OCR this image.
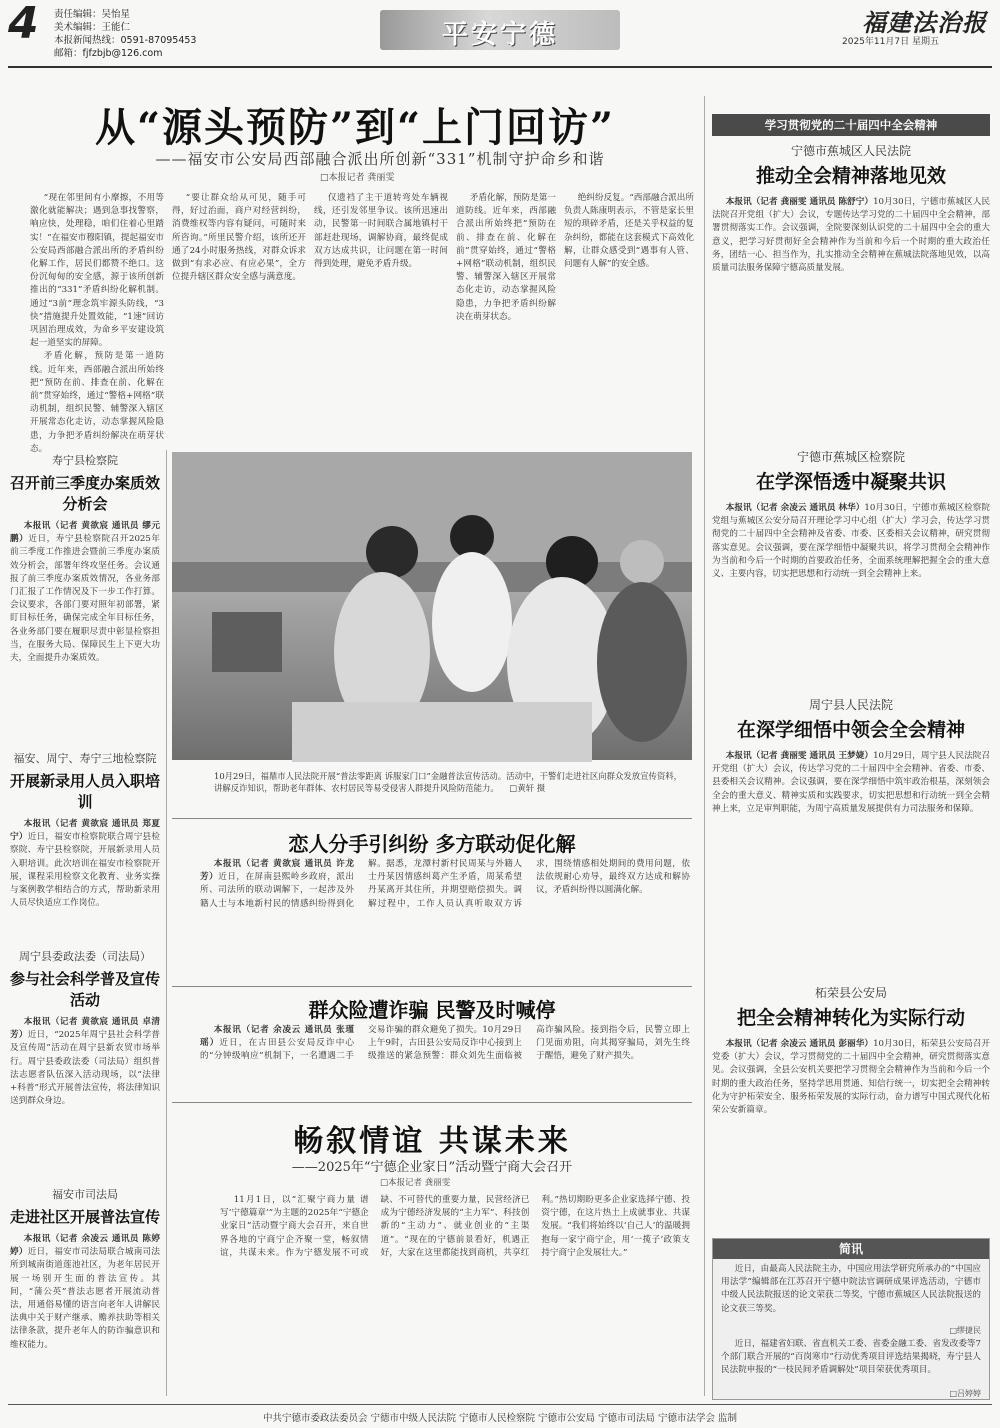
4 责任编辑：吴怡星
美术编辑：王能仁
本报新闻热线：0591-87095453
邮箱：fjfzbjb@126.com
平安宁德	福建法治报
2025年11月7日 星期五
从“源头预防”到“上门回访”
——福安市公安局西部融合派出所创新“331”机制守护命乡和谐
□本报记者 龚丽雯

“现在邻里间有小摩擦，不用等激化就能解决；遇到急事找警察，响应快，处理稳，咱们住着心里踏实！”在福安市穆阳镇，提起福安市公安局西部融合派出所的矛盾纠纷化解工作，居民们都赞不绝口。这份沉甸甸的安全感，源于该所创新推出的“331”矛盾纠纷化解机制。通过“3前”理念筑牢源头防线，“3快”措施提升处置效能，“1速”回访巩固治理成效，为命乡平安建设筑起一道坚实的屏障。

矛盾化解，预防是第一道防线。近年来，西部融合派出所始终把“预防在前、排查在前、化解在前”贯穿始终，通过“警格+网格”联动机制，组织民警、辅警深入辖区开展常态化走访，动态掌握风险隐患，力争把矛盾纠纷解决在萌芽状态。

“要让群众给从可见，随手可得，好过治面，商户对经营纠纷，消费维权等内容有疑问，可随时来所咨询。”所里民警介绍，该所还开通了24小时服务热线，对群众诉求做到“有求必应、有应必果”，全方位提升辖区群众安全感与满意度。

仅遗裆了主干道转弯处车辆视线，还引发邻里争议。该所迅速出动，民警第一时间联合属地镇村干部赶赴现场，调解协商，最终促成双方达成共识，让问题在第一时间得到处理，避免矛盾升级。

矛盾化解，预防是第一道防线。近年来，西部融合派出所始终把“预防在前、排查在前、化解在前”贯穿始终，通过“警格+网格”联动机制，组织民警、辅警深入辖区开展常态化走访，动态掌握风险隐患，力争把矛盾纠纷解决在萌芽状态。

绝纠纷反复。“西部融合派出所负责人陈康明表示，不管是家长里短的琐碎矛盾，还是关乎权益的复杂纠纷，都能在这套模式下高效化解，让群众感受到“遇事有人管、问题有人解”的安全感。

寿宁县检察院
召开前三季度办案质效分析会

本报讯（记者 黄欲宸 通讯员 缪元鹏）近日，寿宁县检察院召开2025年前三季度工作推进会暨前三季度办案质效分析会，部署年终攻坚任务。会议通报了前三季度办案质效情况，各业务部门汇报了工作情况及下一步工作打算。会议要求，各部门要对照年初部署，紧盯目标任务，确保完成全年目标任务，各业务部门要在履职尽责中彰显检察担当，在服务大局、保障民生上下更大功夫，全面提升办案质效。

福安、周宁、寿宁三地检察院
开展新录用人员入职培训

本报讯（记者 黄欲宸 通讯员 郑夏宁）近日，福安市检察院联合周宁县检察院、寿宁县检察院，开展新录用人员入职培训。此次培训在福安市检察院开展，课程采用检察文化教育、业务实操与案例教学相结合的方式，帮助新录用人员尽快适应工作岗位。

周宁县委政法委（司法局）
参与社会科学普及宣传活动

本报讯（记者 黄欲宸 通讯员 卓清芳）近日，“2025年周宁县社会科学普及宣传周”活动在周宁县新农贸市场举行。周宁县委政法委（司法局）组织普法志愿者队伍深入活动现场，以“法律+科普”形式开展普法宣传，将法律知识送到群众身边。

福安市司法局
走进社区开展普法宣传

本报讯（记者 余凌云 通讯员 陈婷婷）近日，福安市司法局联合城南司法所到城南街道莲池社区，为老年居民开展一场别开生面的普法宣传。其间，“蒲公英”普法志愿者开展流动普法，用通俗易懂的语言向老年人讲解民法典中关于财产继承、赡养扶助等相关法律条款，提升老年人的防诈骗意识和维权能力。

10月29日，福鼎市人民法院开展“普法零距离 诉服家门口”金融普法宣传活动。活动中，干警们走进社区向群众发放宣传资料，讲解反诈知识，帮助老年群体、农村居民等易受侵害人群提升风险防范能力。 □黄轩 摄
恋人分手引纠纷 多方联动促化解

本报讯（记者 黄欲宸 通讯员 许龙芳）近日，在屏南县熙岭乡政府，派出所、司法所的联动调解下，一起涉及外籍人士与本地新村民的情感纠纷得到化解。据悉，龙潭村新村民周某与外籍人士丹某因情感纠葛产生矛盾，周某希望丹某离开其住所，并期望赔偿损失。调解过程中，工作人员认真听取双方诉求，围绕情感相处期间的费用问题，依法依规耐心劝导，最终双方达成和解协议，矛盾纠纷得以圆满化解。

群众险遭诈骗 民警及时喊停

本报讯（记者 余凌云 通讯员 张瑾瑶）近日，在古田县公安局反诈中心的“分钟级响应”机制下，一名遭遇二手交易诈骗的群众避免了损失。10月29日上午9时，古田县公安局反诈中心接到上级推送的紧急预警：群众刘先生面临被高诈骗风险。接到指令后，民警立即上门见面劝阻，向其揭穿骗局，刘先生终于醒悟，避免了财产损失。

畅叙情谊 共谋未来
——2025年“宁德企业家日”活动暨宁商大会召开
□本报记者 龚丽雯

11月1日，以“汇聚宁商力量 谱写‘宁德篇章’”为主题的2025年“宁德企业家日”活动暨宁商大会召开，来自世界各地的宁商宁企齐聚一堂，畅叙情谊，共谋未来。作为宁德发展不可或缺、不可替代的重要力量，民营经济已成为宁德经济发展的“主力军”、科技创新的“主动力”、就业创业的“主渠道”。“现在的宁德前景看好，机遇正好，大家在这里都能找到商机，共享红利。”热切期盼更多企业家选择宁德、投资宁德，在这片热土上成就事业、共谋发展。“我们将始终以‘自己人’的温暖拥抱每一家宁商宁企，用‘一揽子’政策支持宁商宁企发展壮大。”

学习贯彻党的二十届四中全会精神
宁德市蕉城区人民法院
推动全会精神落地见效

本报讯（记者 龚丽雯 通讯员 陈舒宁）10月30日，宁德市蕉城区人民法院召开党组（扩大）会议，专题传达学习党的二十届四中全会精神，部署贯彻落实工作。会议强调，全院要深刻认识党的二十届四中全会的重大意义，把学习好贯彻好全会精神作为当前和今后一个时期的重大政治任务，团结一心、担当作为，扎实推动全会精神在蕉城法院落地见效，以高质量司法服务保障宁德高质量发展。

宁德市蕉城区检察院
在学深悟透中凝聚共识

本报讯（记者 余凌云 通讯员 林华）10月30日，宁德市蕉城区检察院党组与蕉城区公安分局召开理论学习中心组（扩大）学习会，传达学习贯彻党的二十届四中全会精神及省委、市委、区委相关会议精神，研究贯彻落实意见。会议强调，要在深学细悟中凝聚共识，将学习贯彻全会精神作为当前和今后一个时期的首要政治任务，全面系统理解把握全会的重大意义、主要内容，切实把思想和行动统一到全会精神上来。

周宁县人民法院
在深学细悟中领会全会精神

本报讯（记者 龚丽雯 通讯员 王梦婕）10月29日，周宁县人民法院召开党组（扩大）会议，传达学习党的二十届四中全会精神、省委、市委、县委相关会议精神。会议强调，要在深学细悟中筑牢政治根基，深刻领会全会的重大意义、精神实质和实践要求，切实把思想和行动统一到全会精神上来，立足审判职能，为周宁高质量发展提供有力司法服务和保障。

柘荣县公安局
把全会精神转化为实际行动

本报讯（记者 余凌云 通讯员 彭丽华）10月30日，柘荣县公安局召开党委（扩大）会议，学习贯彻党的二十届四中全会精神，研究贯彻落实意见。会议强调，全县公安机关要把学习贯彻全会精神作为当前和今后一个时期的重大政治任务，坚持学思用贯通、知信行统一，切实把全会精神转化为守护柘荣安全、服务柘荣发展的实际行动，奋力谱写中国式现代化柘荣公安新篇章。

简讯

近日，由最高人民法院主办，中国应用法学研究所承办的“中国应用法学”编辑部在江苏召开宁德中院法官调研成果评选活动，宁德市中级人民法院报送的论文荣获二等奖，宁德市蕉城区人民法院报送的论文获三等奖。

□缪捷民

近日，福建省妇联、省直机关工委、省委金融工委、省发改委等7个部门联合开展的“百岗寒巾”行动优秀项目评选结果揭晓，寿宁县人民法院申报的“一枝民间矛盾调解处”项目荣获优秀项目。

□吕婷婷
中共宁德市委政法委员会 宁德市中级人民法院 宁德市人民检察院 宁德市公安局 宁德市司法局 宁德市法学会 监制
